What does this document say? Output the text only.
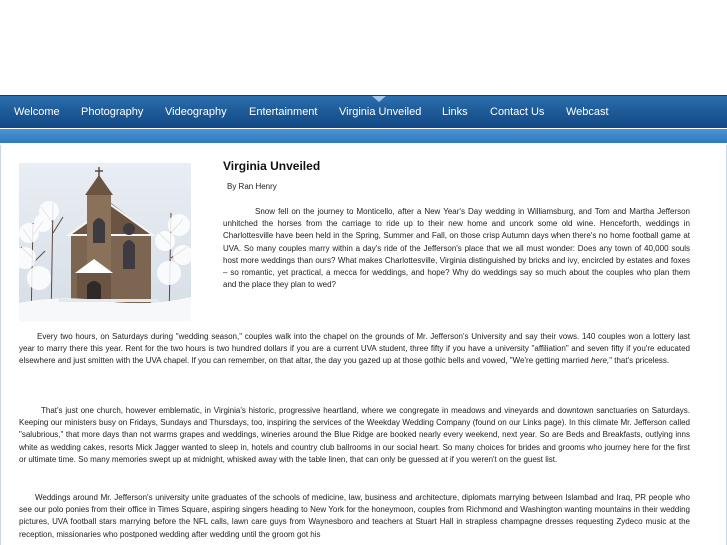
Welcome Photography Videography Entertainment Virginia Unveiled Links Contact Us Webcast
Virginia Unveiled
By Ran Henry

Snow fell on the journey to Monticello, after a New Year's Day wedding in Williamsburg, and Tom and Martha Jefferson unhitched the horses from the carriage to ride up to their new home and uncork some old wine. Henceforth, weddings in Charlottesville have been held in the Spring, Summer and Fall, on those crisp Autumn days when there's no home football game at UVA. So many couples marry within a day's ride of the Jefferson's place that we all must wonder: Does any town of 40,000 souls host more weddings than ours? What makes Charlottesville, Virginia distinguished by bricks and ivy, encircled by estates and foxes – so romantic, yet practical, a mecca for weddings, and hope? Why do weddings say so much about the couples who plan them and the place they plan to wed?

Every two hours, on Saturdays during "wedding season," couples walk into the chapel on the grounds of Mr. Jefferson's University and say their vows. 140 couples won a lottery last year to marry there this year. Rent for the two hours is two hundred dollars if you are a current UVA student, three fifty if you have a university "affiliation" and seven fifty if you're educated elsewhere and just smitten with the UVA chapel. If you can remember, on that altar, the day you gazed up at those gothic bells and vowed, "We're getting married here," that's priceless.

That's just one church, however emblematic, in Virginia's historic, progressive heartland, where we congregate in meadows and vineyards and downtown sanctuaries on Saturdays. Keeping our ministers busy on Fridays, Sundays and Thursdays, too, inspiring the services of the Weekday Wedding Company (found on our Links page). In this climate Mr. Jefferson called "salubrious," that more days than not warms grapes and weddings, wineries around the Blue Ridge are booked nearly every weekend, next year. So are Beds and Breakfasts, outlying inns white as wedding cakes, resorts Mick Jagger wanted to sleep in, hotels and country club ballrooms in our social heart. So many choices for brides and grooms who journey here for the first or ultimate time. So many memories swept up at midnight, whisked away with the table linen, that can only be guessed at if you weren't on the guest list.

Weddings around Mr. Jefferson's university unite graduates of the schools of medicine, law, business and architecture, diplomats marrying between Islambad and Iraq, PR people who see our polo ponies from their office in Times Square, aspiring singers heading to New York for the honeymoon, couples from Richmond and Washington wanting mountains in their wedding pictures, UVA football stars marrying before the NFL calls, lawn care guys from Waynesboro and teachers at Stuart Hall in strapless champagne dresses requesting Zydeco music at the reception, missionaries who postponed wedding after wedding until the groom got his
